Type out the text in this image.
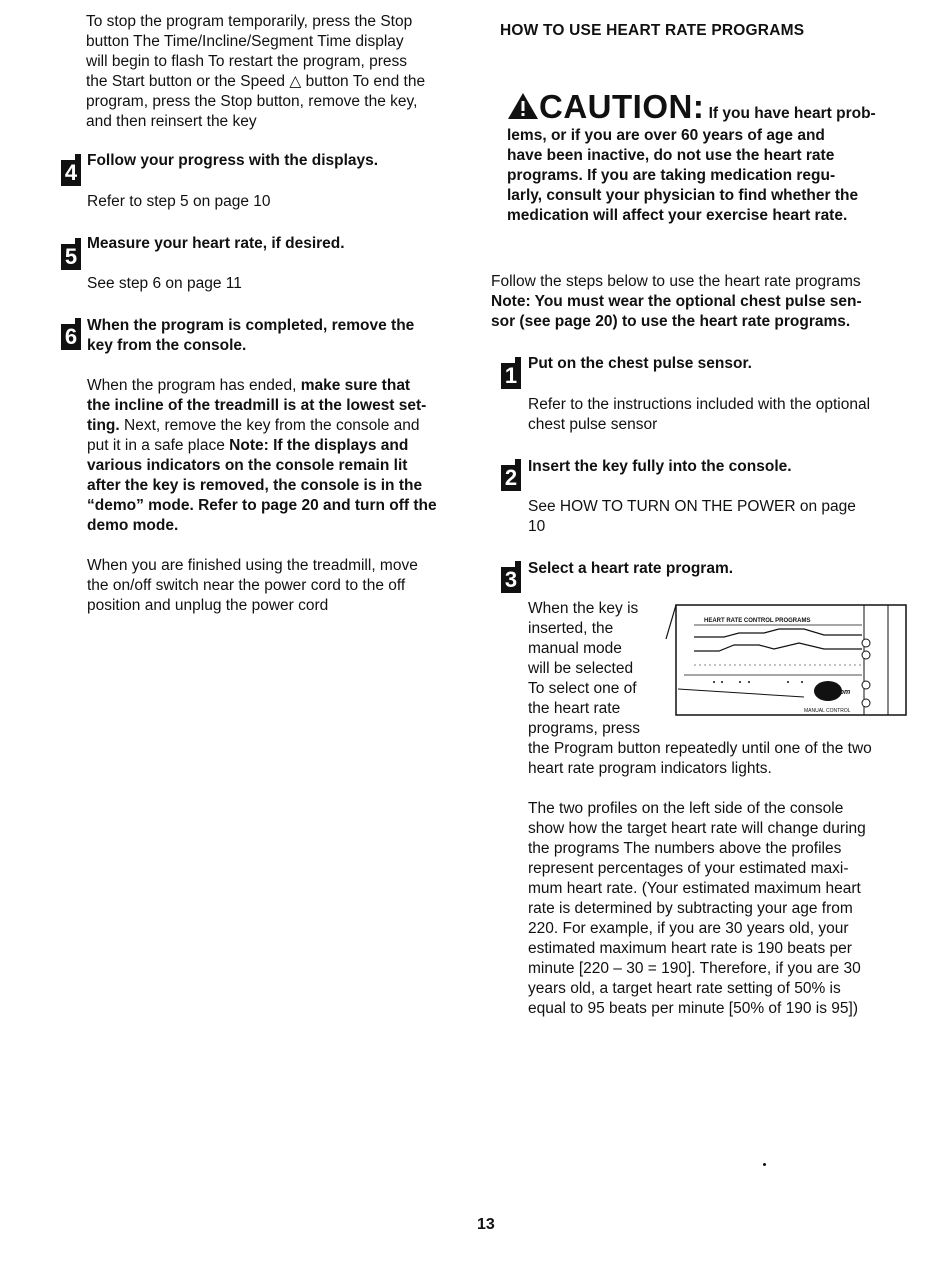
To stop the program temporarily, press the Stop
button The Time/Incline/Segment Time display
will begin to flash To restart the program, press
the Start button or the Speed △ button To end the
program, press the Stop button, remove the key,
and then reinsert the key
4 Follow your progress with the displays.
Refer to step 5 on page 10
5
Measure your heart rate, if desired.
See step 6 on page 11
6 When the program is completed, remove the
key from the console.
When the program has ended, make sure that
the incline of the treadmill is at the lowest set-
ting. Next, remove the key from the console and
put it in a safe place Note: If the displays and
various indicators on the console remain lit
after the key is removed, the console is in the
“demo” mode. Refer to page 20 and turn off the
demo mode.
When you are finished using the treadmill, move
the on/off switch near the power cord to the off
position and unplug the power cord
HOW TO USE HEART RATE PROGRAMS
CAUTION: If you have heart prob-
lems, or if you are over 60 years of age and
have been inactive, do not use the heart rate
programs. If you are taking medication regu-
larly, consult your physician to find whether the
medication will affect your exercise heart rate.
Follow the steps below to use the heart rate programs
Note: You must wear the optional chest pulse sen-
sor (see page 20) to use the heart rate programs.
1 Put on the chest pulse sensor.
Refer to the instructions included with the optional
chest pulse sensor
2 Insert the key fully into the console.
See HOW TO TURN ON THE POWER on page
10
3 Select a heart rate program.
When the key is
inserted, the
manual mode
will be selected
To select one of
the heart rate
programs, press
HEART RATE CONTROL PROGRAMS
iFIT.com
MANUAL CONTROL
the Program button repeatedly until one of the two
heart rate program indicators lights.
The two profiles on the left side of the console
show how the target heart rate will change during
the programs The numbers above the profiles
represent percentages of your estimated maxi-
mum heart rate. (Your estimated maximum heart
rate is determined by subtracting your age from
220. For example, if you are 30 years old, your
estimated maximum heart rate is 190 beats per
minute [220 – 30 = 190]. Therefore, if you are 30
years old, a target heart rate setting of 50% is
equal to 95 beats per minute [50% of 190 is 95])
13
